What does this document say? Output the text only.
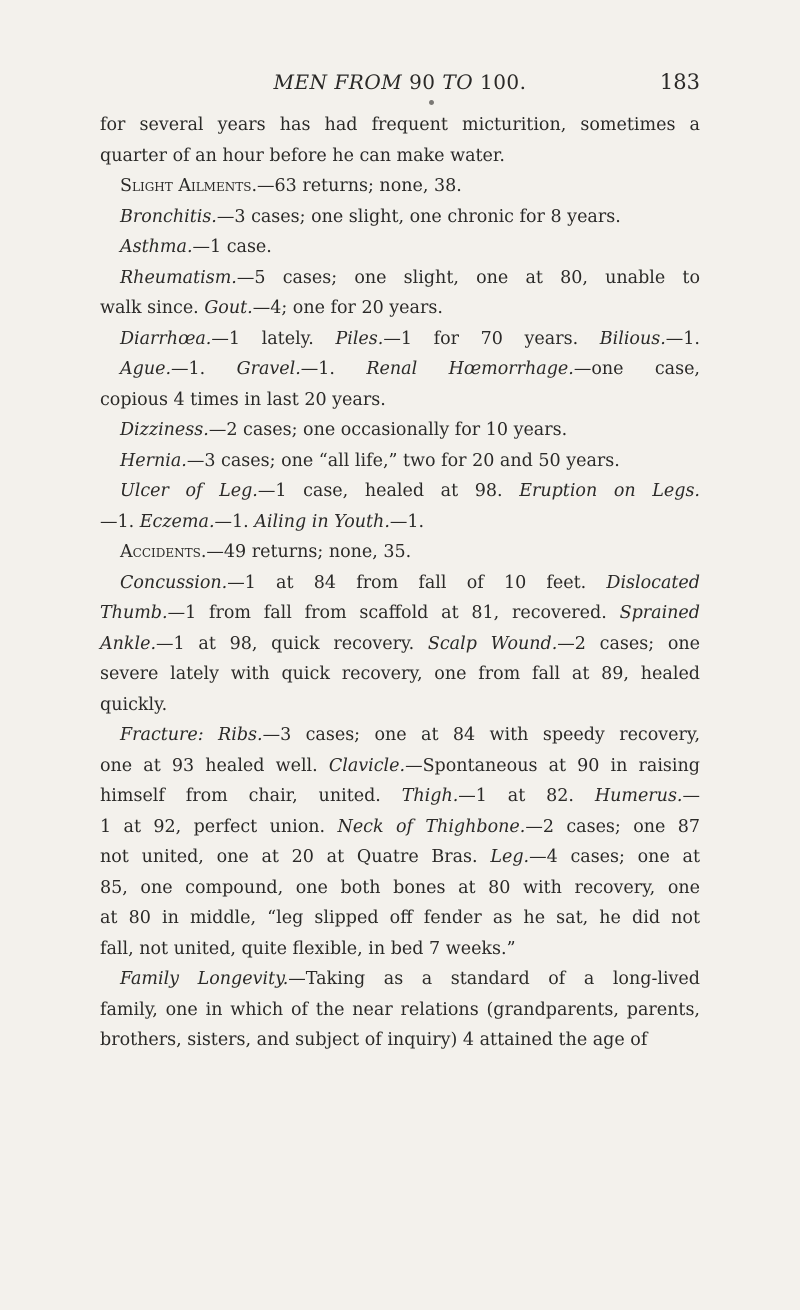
MEN FROM 90 TO 100.	183
for several years has had frequent micturition, sometimes a
quarter of an hour before he can make water.
Slight Ailments.—63 returns; none, 38.
Bronchitis.—3 cases; one slight, one chronic for 8 years.
Asthma.—1 case.
Rheumatism.—5 cases; one slight, one at 80, unable to
walk since. Gout.—4; one for 20 years.
Diarrhœa.—1 lately. Piles.—1 for 70 years. Bilious.—1.
Ague.—1. Gravel.—1. Renal Hœmorrhage.—one case,
copious 4 times in last 20 years.
Dizziness.—2 cases; one occasionally for 10 years.
Hernia.—3 cases; one “all life,” two for 20 and 50 years.
Ulcer of Leg.—1 case, healed at 98. Eruption on Legs.
—1. Eczema.—1. Ailing in Youth.—1.
Accidents.—49 returns; none, 35.
Concussion.—1 at 84 from fall of 10 feet. Dislocated
Thumb.—1 from fall from scaffold at 81, recovered. Sprained
Ankle.—1 at 98, quick recovery. Scalp Wound.—2 cases; one
severe lately with quick recovery, one from fall at 89, healed
quickly.
Fracture: Ribs.—3 cases; one at 84 with speedy recovery,
one at 93 healed well. Clavicle.—Spontaneous at 90 in raising
himself from chair, united. Thigh.—1 at 82. Humerus.—
1 at 92, perfect union. Neck of Thighbone.—2 cases; one 87
not united, one at 20 at Quatre Bras. Leg.—4 cases; one at
85, one compound, one both bones at 80 with recovery, one
at 80 in middle, “leg slipped off fender as he sat, he did not
fall, not united, quite flexible, in bed 7 weeks.”
Family Longevity.—Taking as a standard of a long-lived
family, one in which of the near relations (grandparents, parents,
brothers, sisters, and subject of inquiry) 4 attained the age of
